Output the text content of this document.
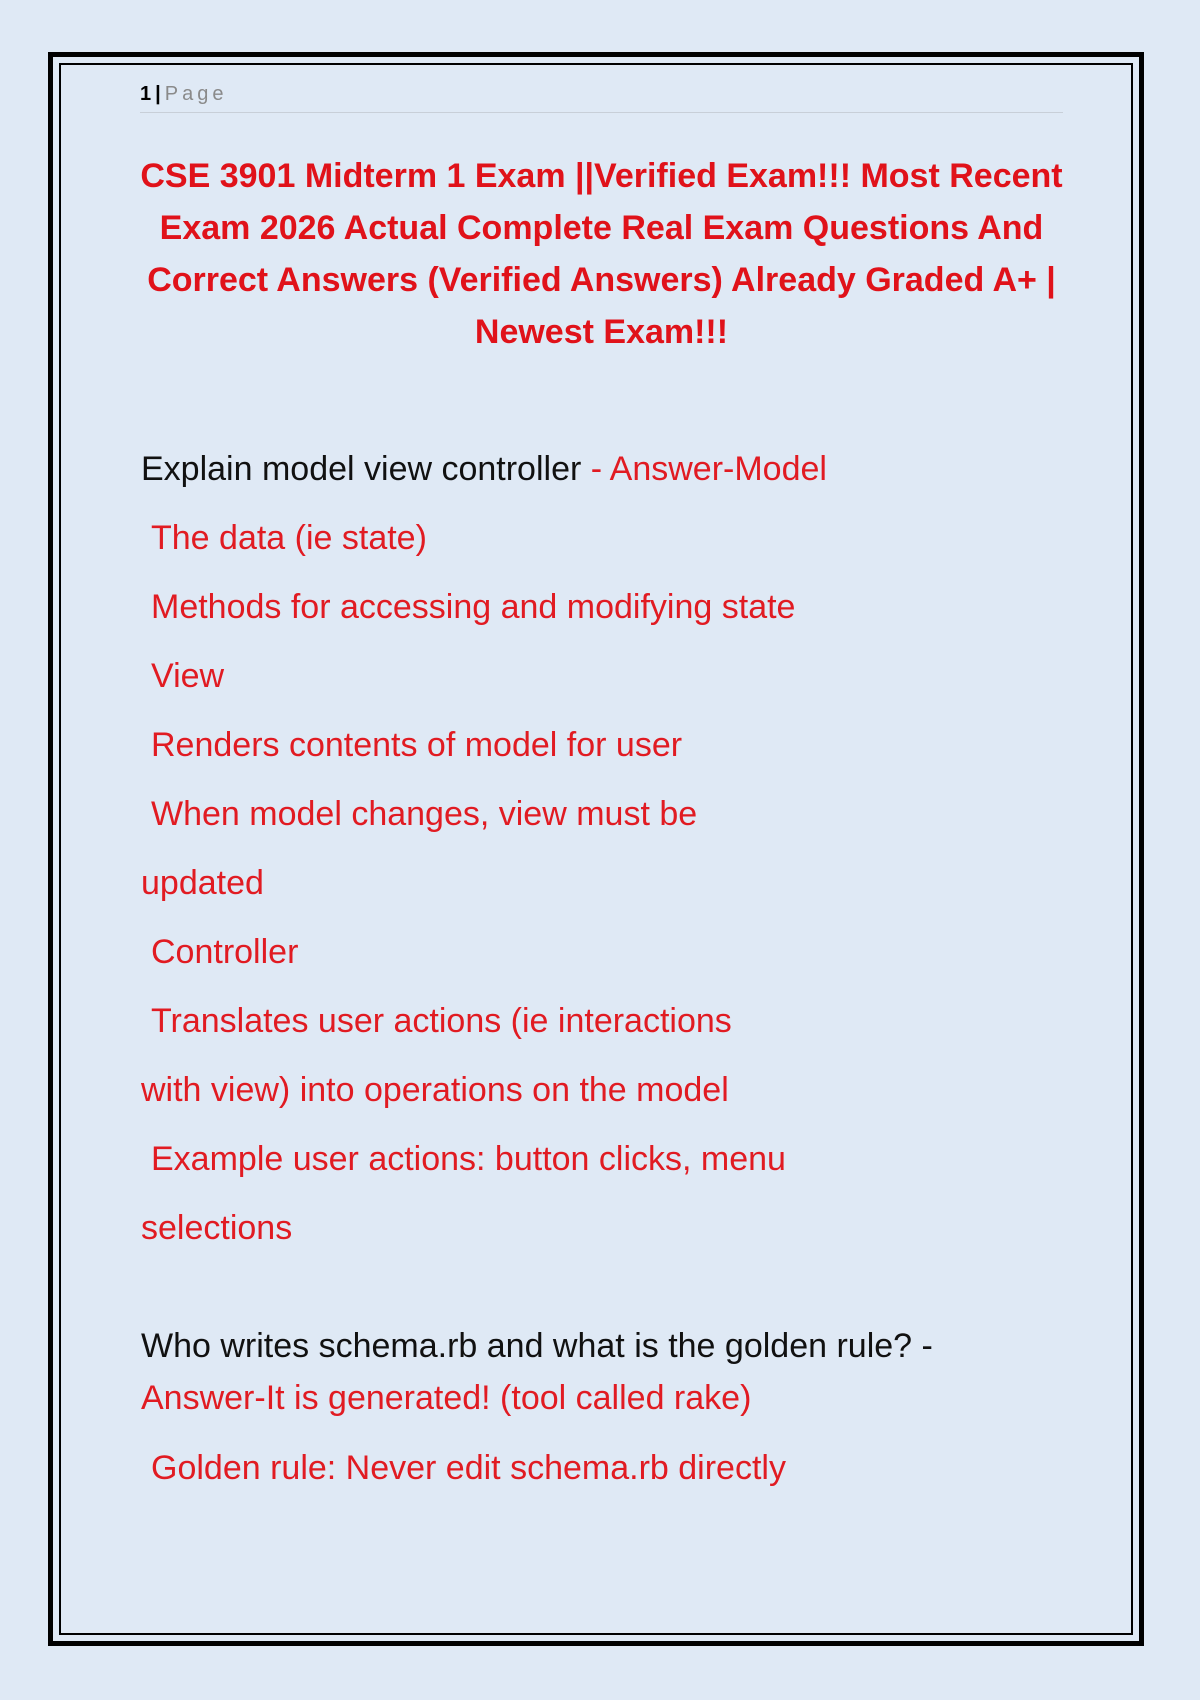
1 | Page
CSE 3901 Midterm 1 Exam ||Verified Exam!!! Most Recent Exam 2026 Actual Complete Real Exam Questions And Correct Answers (Verified Answers) Already Graded A+ | Newest Exam!!!
Explain model view controller - Answer-Model
The data (ie state)
Methods for accessing and modifying state
View
Renders contents of model for user
When model changes, view must be
updated
Controller
Translates user actions (ie interactions
with view) into operations on the model
Example user actions: button clicks, menu
selections
Who writes schema.rb and what is the golden rule? -
Answer-It is generated! (tool called rake)
Golden rule: Never edit schema.rb directly
